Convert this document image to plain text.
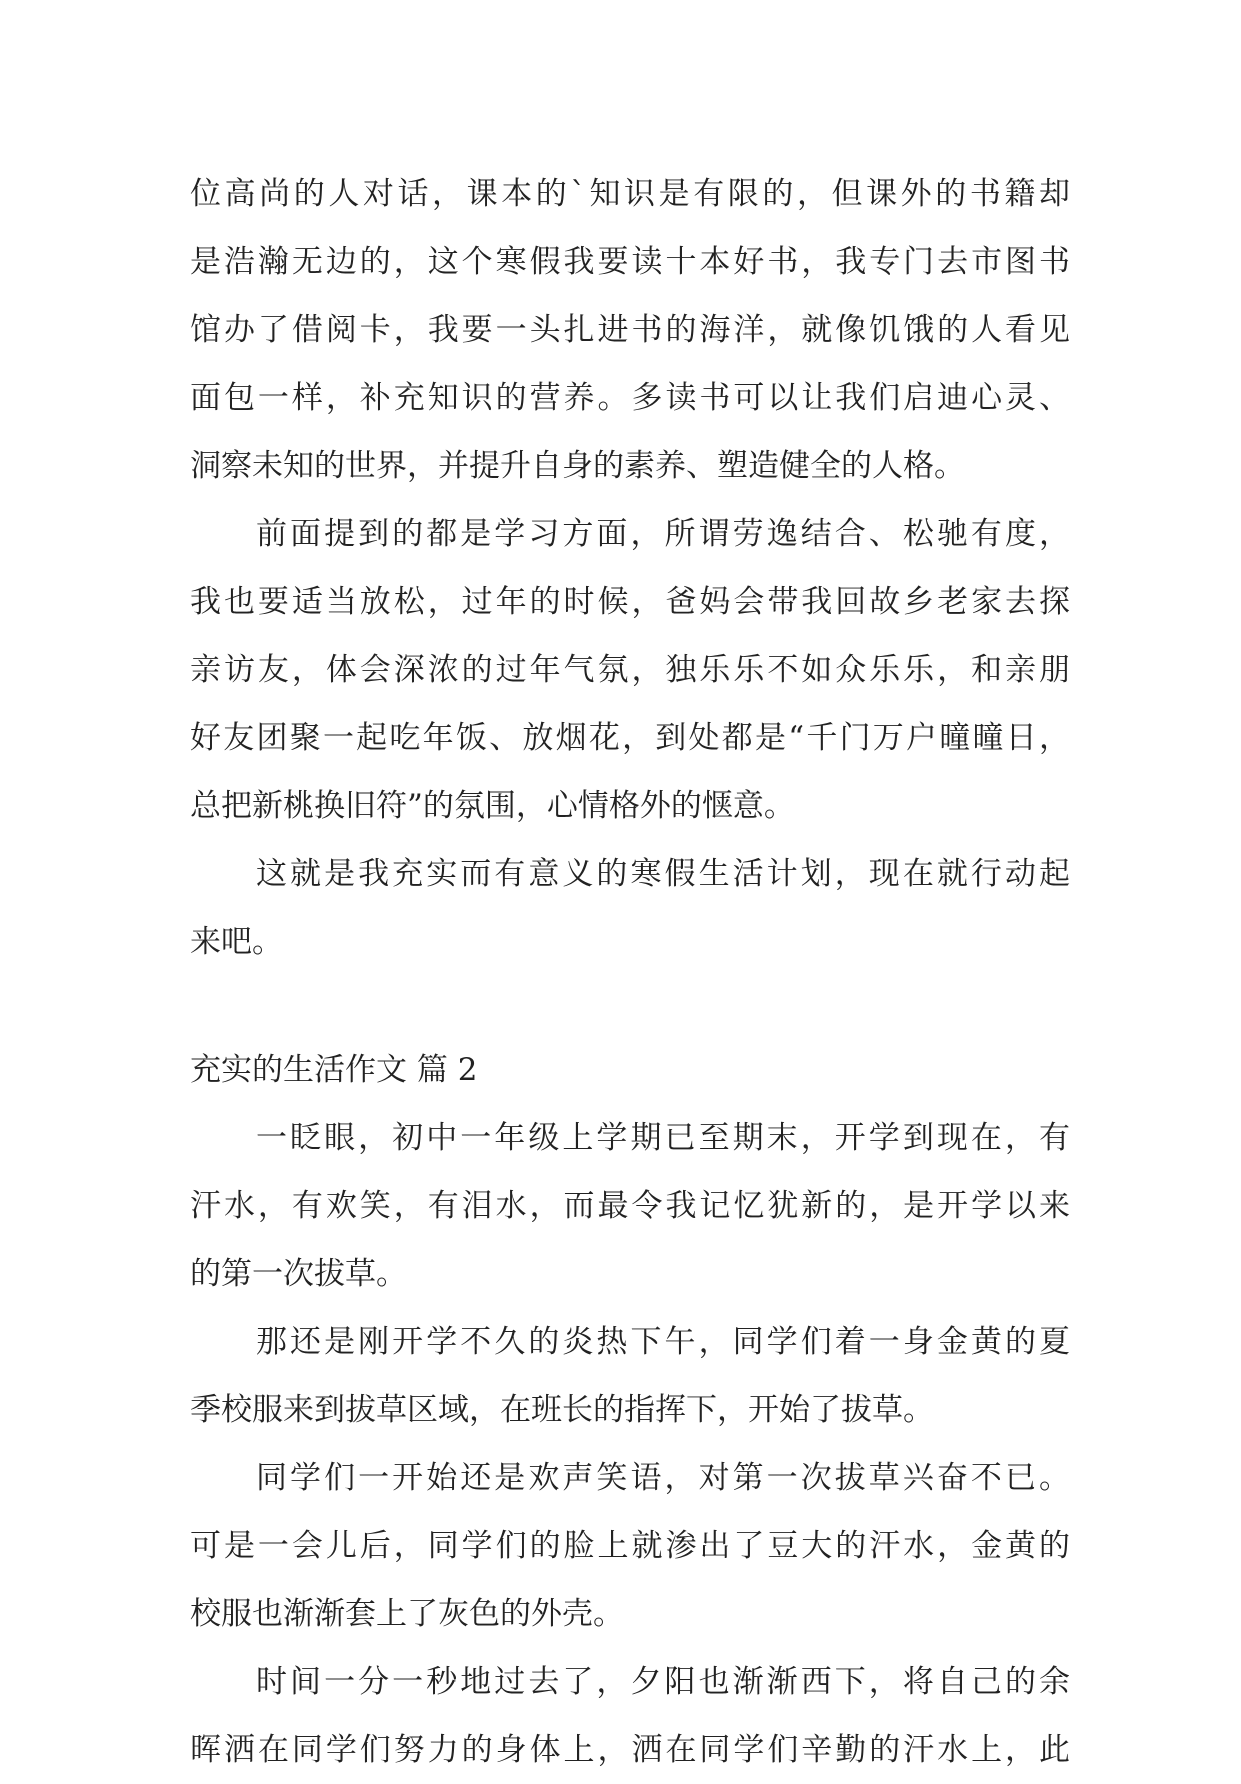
位高尚的人对话，课本的`知识是有限的，但课外的书籍却
是浩瀚无边的，这个寒假我要读十本好书，我专门去市图书
馆办了借阅卡，我要一头扎进书的海洋，就像饥饿的人看见
面包一样，补充知识的营养。多读书可以让我们启迪心灵、
洞察未知的世界，并提升自身的素养、塑造健全的人格。
前面提到的都是学习方面，所谓劳逸结合、松驰有度，
我也要适当放松，过年的时候，爸妈会带我回故乡老家去探
亲访友，体会深浓的过年气氛，独乐乐不如众乐乐，和亲朋
好友团聚一起吃年饭、放烟花，到处都是“千门万户曈曈日，
总把新桃换旧符”的氛围，心情格外的惬意。
这就是我充实而有意义的寒假生活计划，现在就行动起
来吧。
充实的生活作文 篇 2
一眨眼，初中一年级上学期已至期末，开学到现在，有
汗水，有欢笑，有泪水，而最令我记忆犹新的，是开学以来
的第一次拔草。
那还是刚开学不久的炎热下午，同学们着一身金黄的夏
季校服来到拔草区域，在班长的指挥下，开始了拔草。
同学们一开始还是欢声笑语，对第一次拔草兴奋不已。
可是一会儿后，同学们的脸上就渗出了豆大的汗水，金黄的
校服也渐渐套上了灰色的外壳。
时间一分一秒地过去了，夕阳也渐渐西下，将自己的余
晖洒在同学们努力的身体上，洒在同学们辛勤的汗水上，此
